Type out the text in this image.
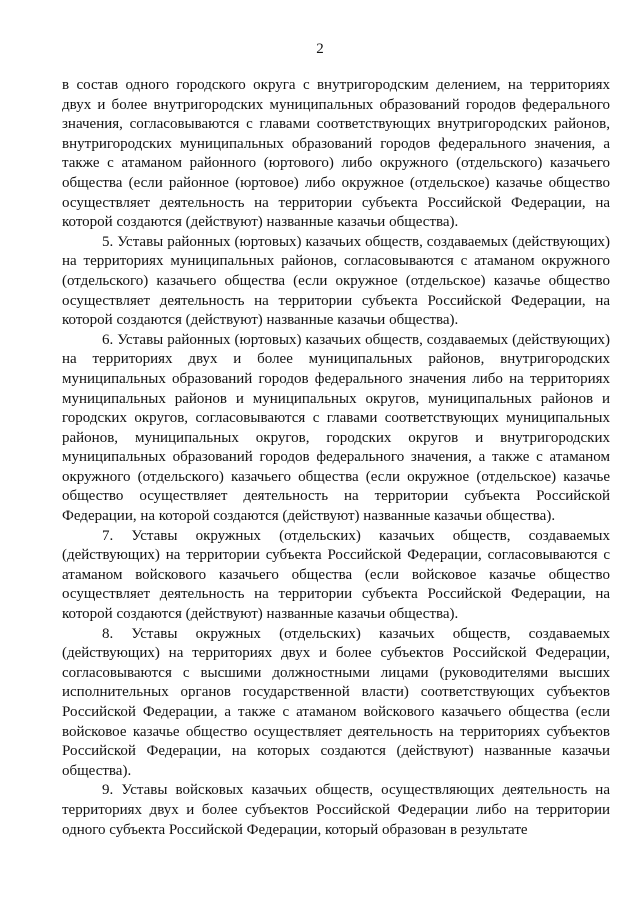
2

в состав одного городского округа с внутригородским делением, на территориях двух и более внутригородских муниципальных образований городов федерального значения, согласовываются с главами соответствующих внутригородских районов, внутригородских муниципальных образований городов федерального значения, а также с атаманом районного (юртового) либо окружного (отдельского) казачьего общества (если районное (юртовое) либо окружное (отдельское) казачье общество осуществляет деятельность на территории субъекта Российской Федерации, на которой создаются (действуют) названные казачьи общества).

5. Уставы районных (юртовых) казачьих обществ, создаваемых (действующих) на территориях муниципальных районов, согласовываются с атаманом окружного (отдельского) казачьего общества (если окружное (отдельское) казачье общество осуществляет деятельность на территории субъекта Российской Федерации, на которой создаются (действуют) названные казачьи общества).

6. Уставы районных (юртовых) казачьих обществ, создаваемых (действующих) на территориях двух и более муниципальных районов, внутригородских муниципальных образований городов федерального значения либо на территориях муниципальных районов и муниципальных округов, муниципальных районов и городских округов, согласовываются с главами соответствующих муниципальных районов, муниципальных округов, городских округов и внутригородских муниципальных образований городов федерального значения, а также с атаманом окружного (отдельского) казачьего общества (если окружное (отдельское) казачье общество осуществляет деятельность на территории субъекта Российской Федерации, на которой создаются (действуют) названные казачьи общества).

7. Уставы окружных (отдельских) казачьих обществ, создаваемых (действующих) на территории субъекта Российской Федерации, согласовываются с атаманом войскового казачьего общества (если войсковое казачье общество осуществляет деятельность на территории субъекта Российской Федерации, на которой создаются (действуют) названные казачьи общества).

8. Уставы окружных (отдельских) казачьих обществ, создаваемых (действующих) на территориях двух и более субъектов Российской Федерации, согласовываются с высшими должностными лицами (руководителями высших исполнительных органов государственной власти) соответствующих субъектов Российской Федерации, а также с атаманом войскового казачьего общества (если войсковое казачье общество осуществляет деятельность на территориях субъектов Российской Федерации, на которых создаются (действуют) названные казачьи общества).

9. Уставы войсковых казачьих обществ, осуществляющих деятельность на территориях двух и более субъектов Российской Федерации либо на территории одного субъекта Российской Федерации, который образован в результате
